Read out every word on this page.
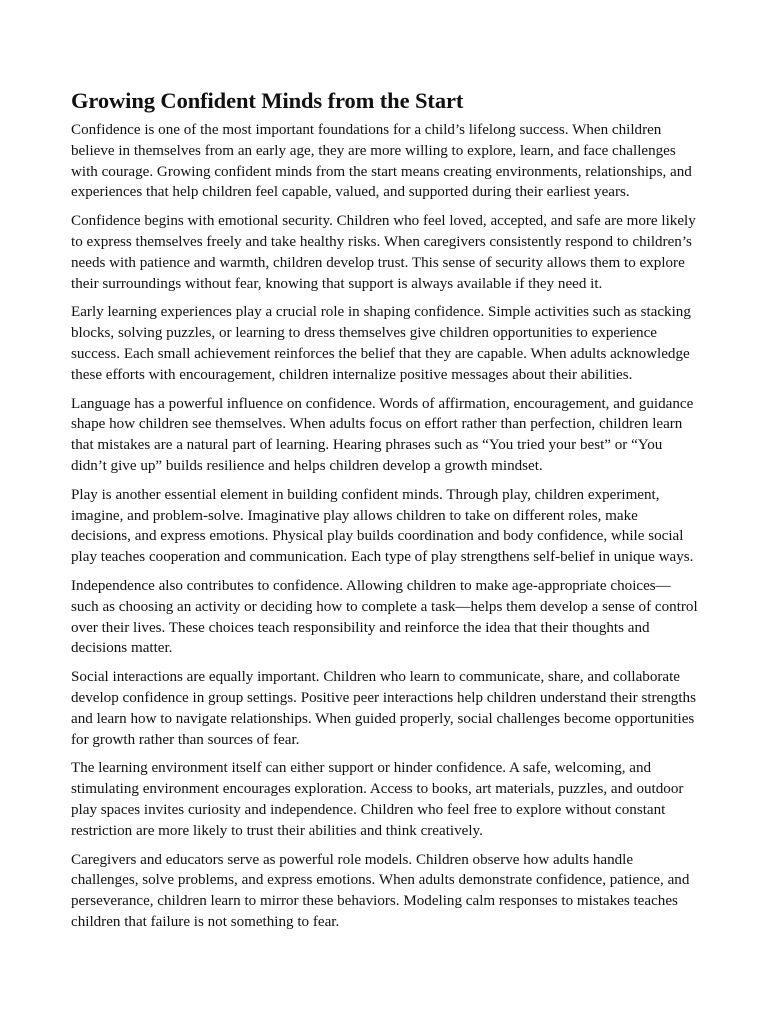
Growing Confident Minds from the Start

Confidence is one of the most important foundations for a child’s lifelong success. When children believe in themselves from an early age, they are more willing to explore, learn, and face challenges with courage. Growing confident minds from the start means creating environments, relationships, and experiences that help children feel capable, valued, and supported during their earliest years.

Confidence begins with emotional security. Children who feel loved, accepted, and safe are more likely to express themselves freely and take healthy risks. When caregivers consistently respond to children’s needs with patience and warmth, children develop trust. This sense of security allows them to explore their surroundings without fear, knowing that support is always available if they need it.

Early learning experiences play a crucial role in shaping confidence. Simple activities such as stacking blocks, solving puzzles, or learning to dress themselves give children opportunities to experience success. Each small achievement reinforces the belief that they are capable. When adults acknowledge these efforts with encouragement, children internalize positive messages about their abilities.

Language has a powerful influence on confidence. Words of affirmation, encouragement, and guidance shape how children see themselves. When adults focus on effort rather than perfection, children learn that mistakes are a natural part of learning. Hearing phrases such as “You tried your best” or “You didn’t give up” builds resilience and helps children develop a growth mindset.

Play is another essential element in building confident minds. Through play, children experiment, imagine, and problem-solve. Imaginative play allows children to take on different roles, make decisions, and express emotions. Physical play builds coordination and body confidence, while social play teaches cooperation and communication. Each type of play strengthens self-belief in unique ways.

Independence also contributes to confidence. Allowing children to make age-appropriate choices—such as choosing an activity or deciding how to complete a task—helps them develop a sense of control over their lives. These choices teach responsibility and reinforce the idea that their thoughts and decisions matter.

Social interactions are equally important. Children who learn to communicate, share, and collaborate develop confidence in group settings. Positive peer interactions help children understand their strengths and learn how to navigate relationships. When guided properly, social challenges become opportunities for growth rather than sources of fear.

The learning environment itself can either support or hinder confidence. A safe, welcoming, and stimulating environment encourages exploration. Access to books, art materials, puzzles, and outdoor play spaces invites curiosity and independence. Children who feel free to explore without constant restriction are more likely to trust their abilities and think creatively.

Caregivers and educators serve as powerful role models. Children observe how adults handle challenges, solve problems, and express emotions. When adults demonstrate confidence, patience, and perseverance, children learn to mirror these behaviors. Modeling calm responses to mistakes teaches children that failure is not something to fear.
